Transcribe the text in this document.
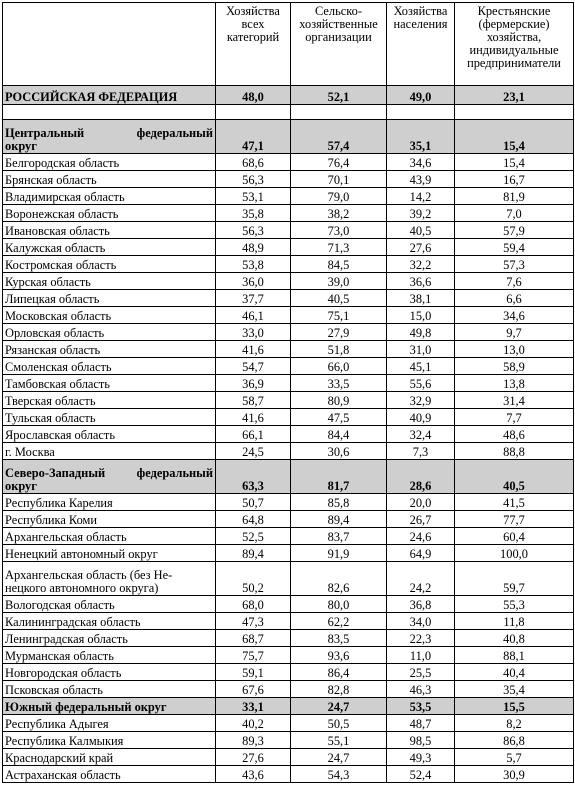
	Хозяйства всех категорий	Сельско-хозяйственные организации	Хозяйства населения	Крестьянские (фермерские) хозяйства, индивидуальные предприниматели
РОССИЙСКАЯ ФЕДЕРАЦИЯ	48,0	52,1	49,0	23,1

Центральный федеральный
округ	47,1	57,4	35,1	15,4
Белгородская область	68,6	76,4	34,6	15,4
Брянская область	56,3	70,1	43,9	16,7
Владимирская область	53,1	79,0	14,2	81,9
Воронежская область	35,8	38,2	39,2	7,0
Ивановская область	56,3	73,0	40,5	57,9
Калужская область	48,9	71,3	27,6	59,4
Костромская область	53,8	84,5	32,2	57,3
Курская область	36,0	39,0	36,6	7,6
Липецкая область	37,7	40,5	38,1	6,6
Московская область	46,1	75,1	15,0	34,6
Орловская область	33,0	27,9	49,8	9,7
Рязанская область	41,6	51,8	31,0	13,0
Смоленская область	54,7	66,0	45,1	58,9
Тамбовская область	36,9	33,5	55,6	13,8
Тверская область	58,7	80,9	32,9	31,4
Тульская область	41,6	47,5	40,9	7,7
Ярославская область	66,1	84,4	32,4	48,6
г. Москва	24,5	30,6	7,3	88,8

Северо-Западный федеральный
округ	63,3	81,7	28,6	40,5
Республика Карелия	50,7	85,8	20,0	41,5
Республика Коми	64,8	89,4	26,7	77,7
Архангельская область	52,5	83,7	24,6	60,4
Ненецкий автономный округ	89,4	91,9	64,9	100,0

Архангельская область (без Не-
нецкого автономного округа)	50,2	82,6	24,2	59,7
Вологодская область	68,0	80,0	36,8	55,3
Калининградская область	47,3	62,2	34,0	11,8
Ленинградская область	68,7	83,5	22,3	40,8
Мурманская область	75,7	93,6	11,0	88,1
Новгородская область	59,1	86,4	25,5	40,4
Псковская область	67,6	82,8	46,3	35,4
Южный федеральный округ	33,1	24,7	53,5	15,5
Республика Адыгея	40,2	50,5	48,7	8,2
Республика Калмыкия	89,3	55,1	98,5	86,8
Краснодарский край	27,6	24,7	49,3	5,7
Астраханская область	43,6	54,3	52,4	30,9
